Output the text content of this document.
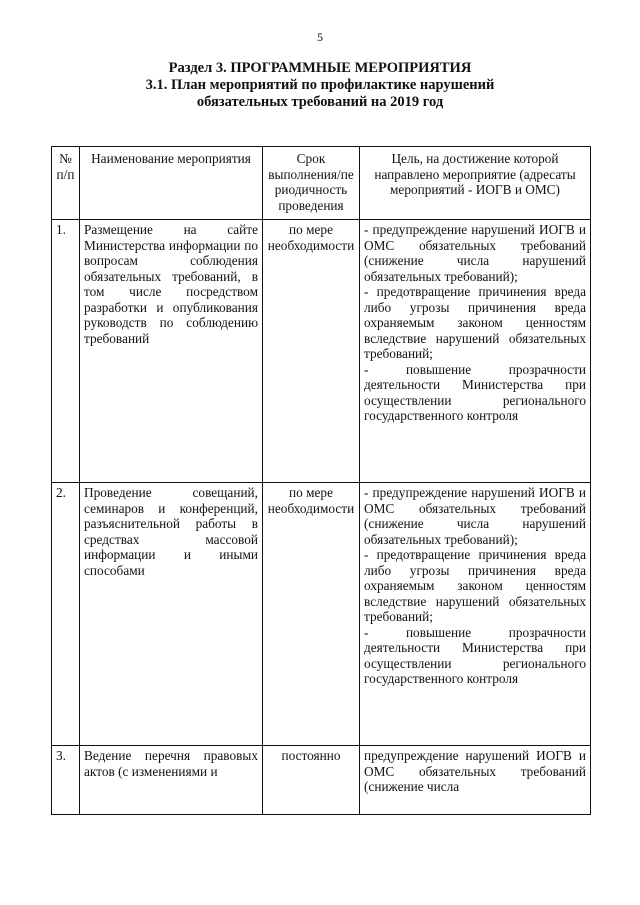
5
Раздел 3. ПРОГРАММНЫЕ МЕРОПРИЯТИЯ
3.1. План мероприятий по профилактике нарушений
обязательных требований на 2019 год
№ п/п	Наименование мероприятия	Срок выполнения/пе риодичность проведения	Цель, на достижение которой направлено мероприятие (адресаты мероприятий - ИОГВ и ОМС)
1.	Размещение на сайте Министерства информации по вопросам соблюдения обязательных требований, в том числе посредством разработки и опубликования руководств по соблюдению требований	по мере необходимости	- предупреждение нарушений ИОГВ и ОМС обязательных требований (снижение числа нарушений обязательных требований);

- предотвращение причинения вреда либо угрозы причинения вреда охраняемым законом ценностям вследствие нарушений обязательных требований;

- повышение прозрачности деятельности Министерства при осуществлении регионального государственного контроля

2.	Проведение совещаний, семинаров и конференций, разъяснительной работы в средствах массовой информации и иными способами	по мере необходимости	- предупреждение нарушений ИОГВ и ОМС обязательных требований (снижение числа нарушений обязательных требований);

- предотвращение причинения вреда либо угрозы причинения вреда охраняемым законом ценностям вследствие нарушений обязательных требований;

- повышение прозрачности деятельности Министерства при осуществлении регионального государственного контроля

3.	Ведение перечня правовых актов (с изменениями и	постоянно	предупреждение нарушений ИОГВ и ОМС обязательных требований (снижение числа
